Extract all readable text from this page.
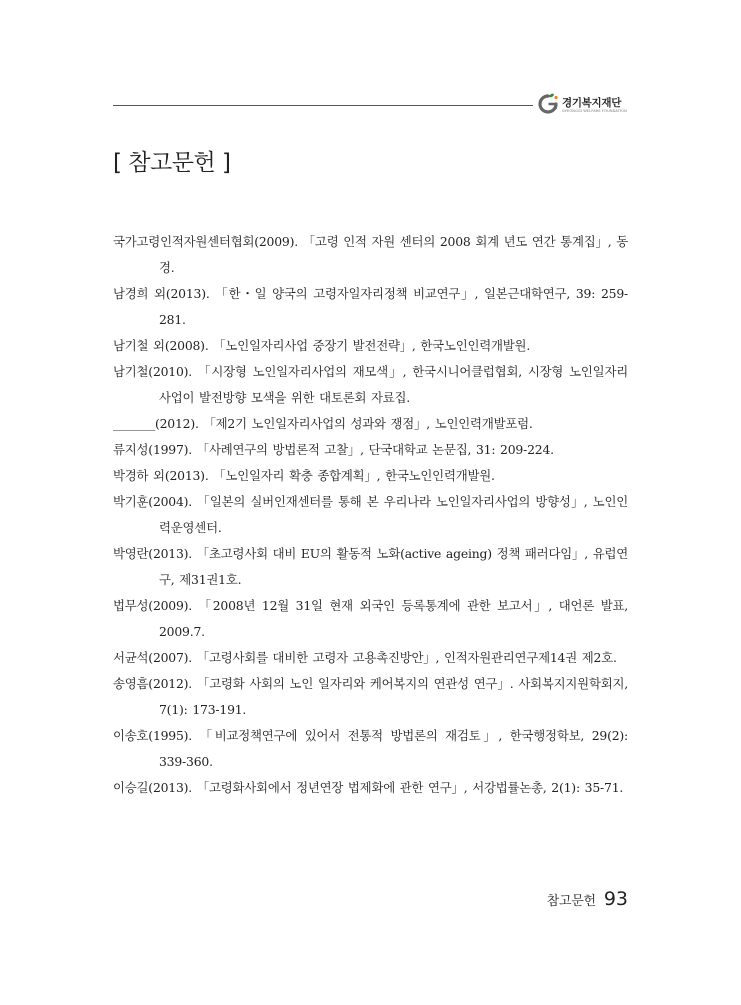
경기복지재단
GYEONGGI WELFARE FOUNDATION
[ 참고문헌 ]
국가고령인적자원센터협회(2009). 「고령 인적 자원 센터의 2008 회계 년도 연간 통계집」, 동경.
남경희 외(2013). 「한・일 양국의 고령자일자리정책 비교연구」, 일본근대학연구, 39: 259-281.
남기철 외(2008). 「노인일자리사업 중장기 발전전략」, 한국노인인력개발원.
남기철(2010). 「시장형 노인일자리사업의 재모색」, 한국시니어클럽협회, 시장형 노인일자리사업이 발전방향 모색을 위한 대토론회 자료집.
_______(2012). 「제2기 노인일자리사업의 성과와 쟁점」, 노인인력개발포럼.
류지성(1997). 「사례연구의 방법론적 고찰」, 단국대학교 논문집, 31: 209-224.
박경하 외(2013). 「노인일자리 확충 종합계획」, 한국노인인력개발원.
박기훈(2004). 「일본의 실버인재센터를 통해 본 우리나라 노인일자리사업의 방향성」, 노인인력운영센터.
박영란(2013). 「초고령사회 대비 EU의 활동적 노화(active ageing) 정책 패러다임」, 유럽연구, 제31권1호.
법무성(2009). 「2008년 12월 31일 현재 외국인 등록통계에 관한 보고서」, 대언론 발표, 2009.7.
서균석(2007). 「고령사회를 대비한 고령자 고용촉진방안」, 인적자원관리연구제14권 제2호.
송영흠(2012). 「고령화 사회의 노인 일자리와 케어복지의 연관성 연구」. 사회복지지원학회지, 7(1): 173-191.
이송호(1995). 「비교정책연구에 있어서 전통적 방법론의 재검토」, 한국행정학보, 29(2): 339-360.
이승길(2013). 「고령화사회에서 정년연장 법제화에 관한 연구」, 서강법률논총, 2(1): 35-71.
참고문헌 93
